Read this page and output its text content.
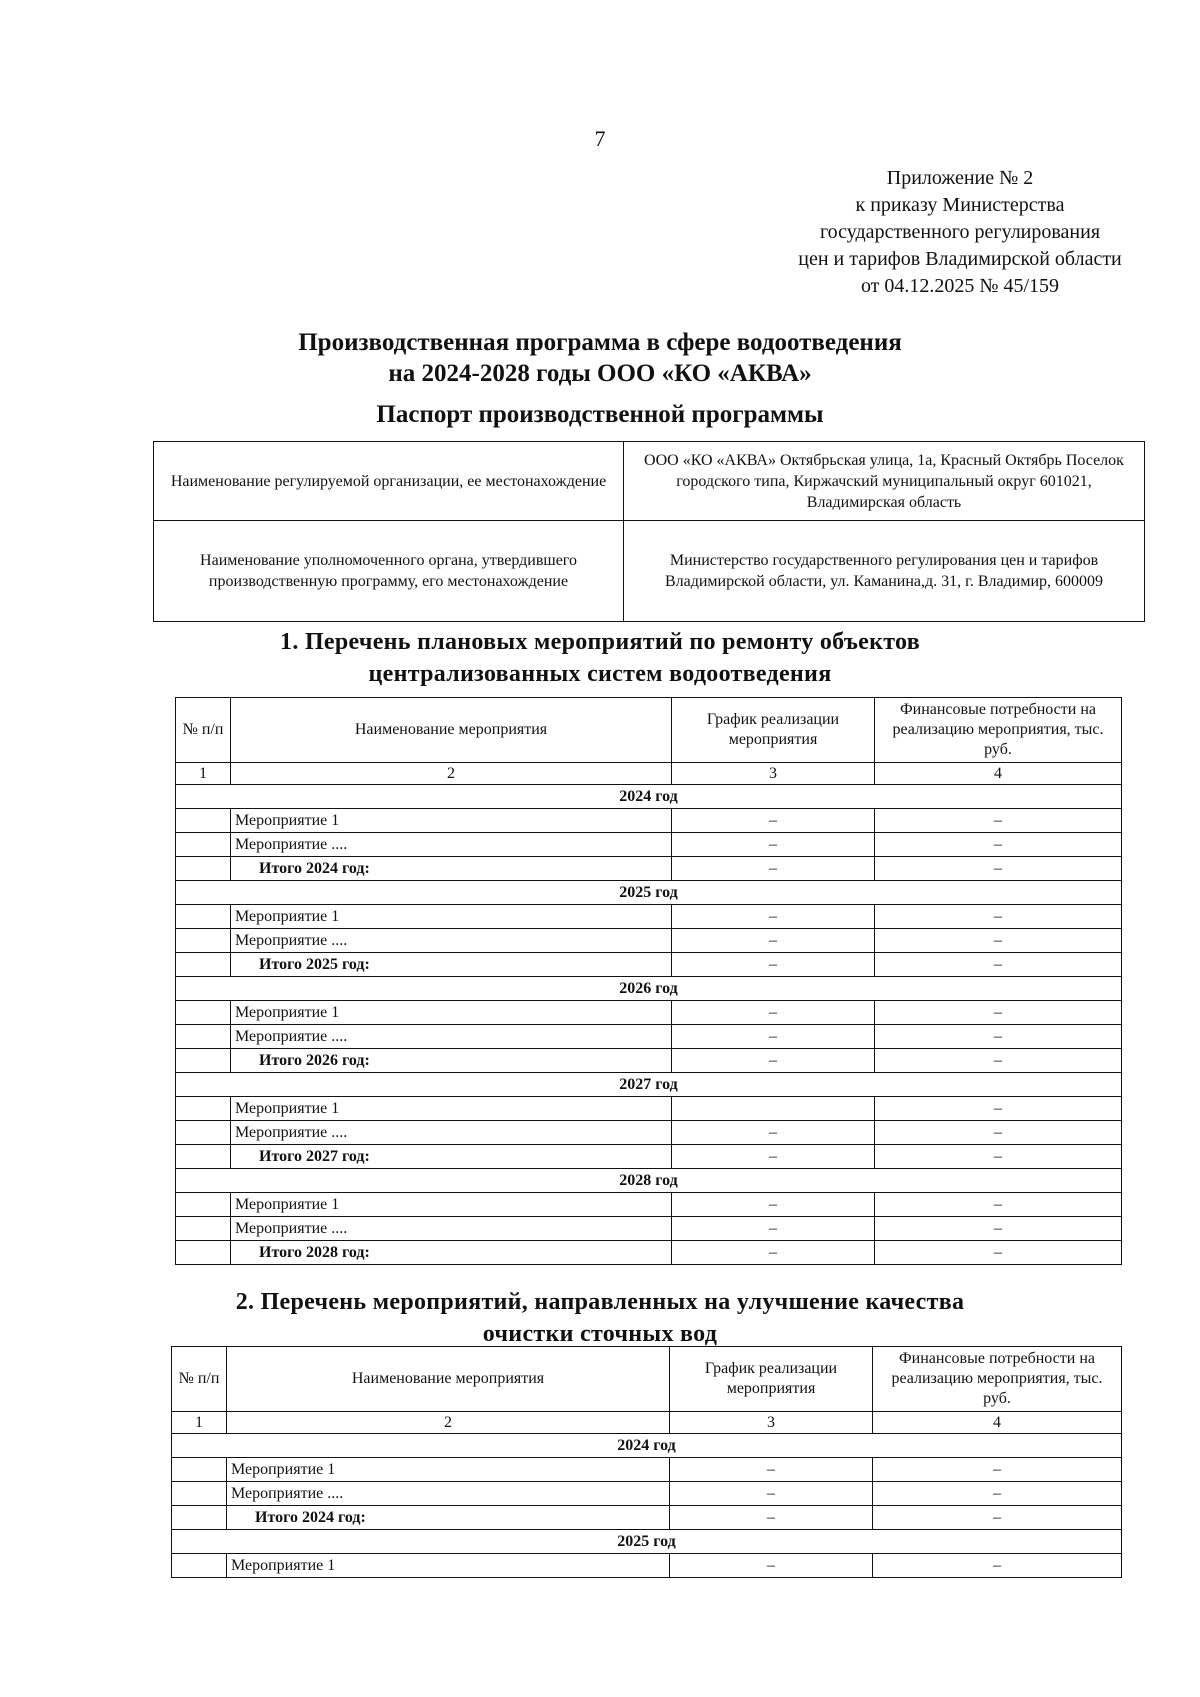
7
Приложение № 2
к приказу Министерства
государственного регулирования
цен и тарифов Владимирской области
от 04.12.2025 № 45/159
Производственная программа в сфере водоотведения
на 2024-2028 годы ООО «КО «АКВА»
Паспорт производственной программы
Наименование регулируемой организации, ее местонахождение	ООО «КО «АКВА» Октябрьская улица, 1а, Красный Октябрь Поселок городского типа, Киржачский муниципальный округ 601021, Владимирская область
Наименование уполномоченного органа, утвердившего производственную программу, его местонахождение	Министерство государственного регулирования цен и тарифов Владимирской области, ул. Каманина,д. 31, г. Владимир, 600009
1. Перечень плановых мероприятий по ремонту объектов
централизованных систем водоотведения
№ п/п	Наименование мероприятия	График реализации мероприятия	Финансовые потребности на реализацию мероприятия, тыс. руб.
1	2	3	4
2024 год			
	Мероприятие 1	–	–
	Мероприятие ....	–	–
	Итого 2024 год:	–	–
2025 год			
	Мероприятие 1	–	–
	Мероприятие ....	–	–
	Итого 2025 год:	–	–
2026 год			
	Мероприятие 1	–	–
	Мероприятие ....	–	–
	Итого 2026 год:	–	–
2027 год			
	Мероприятие 1		–
	Мероприятие ....	–	–
	Итого 2027 год:	–	–
2028 год			
	Мероприятие 1	–	–
	Мероприятие ....	–	–
	Итого 2028 год:	–	–
2. Перечень мероприятий, направленных на улучшение качества
очистки сточных вод
№ п/п	Наименование мероприятия	График реализации мероприятия	Финансовые потребности на реализацию мероприятия, тыс. руб.
1	2	3	4
2024 год			
	Мероприятие 1	–	–
	Мероприятие ....	–	–
	Итого 2024 год:	–	–
2025 год			
	Мероприятие 1	–	–
